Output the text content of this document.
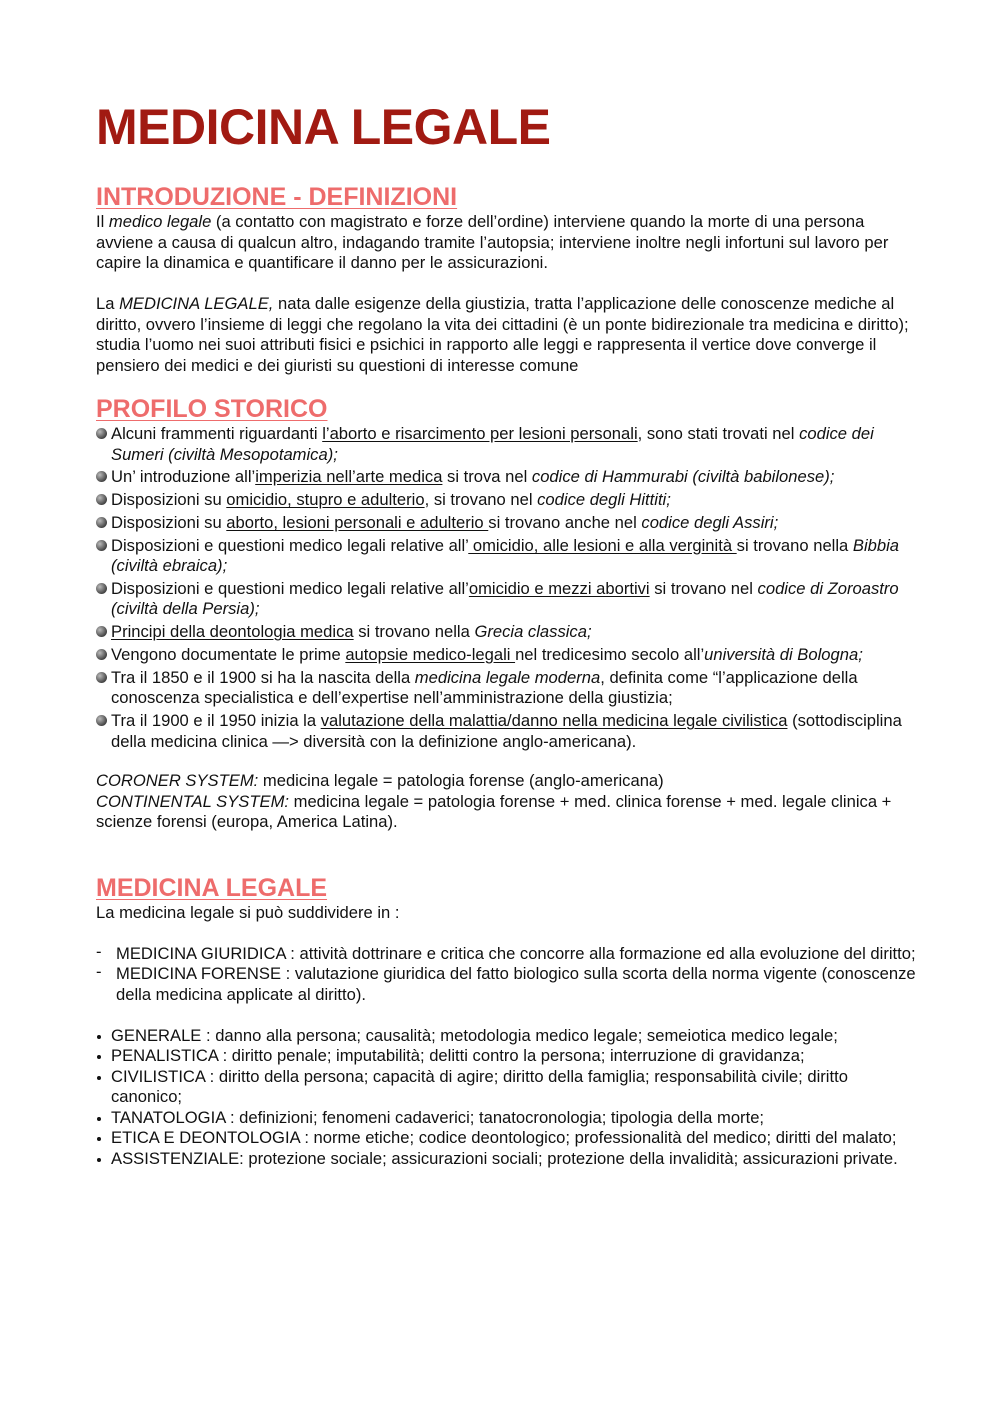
MEDICINA LEGALE
INTRODUZIONE - DEFINIZIONI

Il medico legale (a contatto con magistrato e forze dell’ordine) interviene quando la morte di una persona avviene a causa di qualcun altro, indagando tramite l’autopsia; interviene inoltre negli infortuni sul lavoro per capire la dinamica e quantificare il danno per le assicurazioni.

La MEDICINA LEGALE, nata dalle esigenze della giustizia, tratta l’applicazione delle conoscenze mediche al diritto, ovvero l’insieme di leggi che regolano la vita dei cittadini (è un ponte bidirezionale tra medicina e diritto); studia l’uomo nei suoi attributi fisici e psichici in rapporto alle leggi e rappresenta il vertice dove converge il pensiero dei medici e dei giuristi su questioni di interesse comune

PROFILO STORICO
Alcuni frammenti riguardanti l’aborto e risarcimento per lesioni personali, sono stati trovati nel codice dei Sumeri (civiltà Mesopotamica);
Un’ introduzione all’imperizia nell’arte medica si trova nel codice di Hammurabi (civiltà babilonese);
Disposizioni su omicidio, stupro e adulterio, si trovano nel codice degli Hittiti;
Disposizioni su aborto, lesioni personali e adulterio si trovano anche nel codice degli Assiri;
Disposizioni e questioni medico legali relative all’ omicidio, alle lesioni e alla verginità si trovano nella Bibbia (civiltà ebraica);
Disposizioni e questioni medico legali relative all’omicidio e mezzi abortivi si trovano nel codice di Zoroastro (civiltà della Persia);
Principi della deontologia medica si trovano nella Grecia classica;
Vengono documentate le prime autopsie medico-legali nel tredicesimo secolo all’università di Bologna;
Tra il 1850 e il 1900 si ha la nascita della medicina legale moderna, definita come “l’applicazione della conoscenza specialistica e dell’expertise nell’amministrazione della giustizia;
Tra il 1900 e il 1950 inizia la valutazione della malattia/danno nella medicina legale civilistica (sottodisciplina della medicina clinica —> diversità con la definizione anglo-americana).

CORONER SYSTEM: medicina legale = patologia forense (anglo-americana)

CONTINENTAL SYSTEM: medicina legale = patologia forense + med. clinica forense + med. legale clinica + scienze forensi (europa, America Latina).

MEDICINA LEGALE

La medicina legale si può suddividere in :

- MEDICINA GIURIDICA : attività dottrinare e critica che concorre alla formazione ed alla evoluzione del diritto;
- MEDICINA FORENSE : valutazione giuridica del fatto biologico sulla scorta della norma vigente (conoscenze della medicina applicate al diritto).
GENERALE : danno alla persona; causalità; metodologia medico legale; semeiotica medico legale;
PENALISTICA : diritto penale; imputabilità; delitti contro la persona; interruzione di gravidanza;
CIVILISTICA : diritto della persona; capacità di agire; diritto della famiglia; responsabilità civile; diritto canonico;
TANATOLOGIA : definizioni; fenomeni cadaverici; tanatocronologia; tipologia della morte;
ETICA E DEONTOLOGIA : norme etiche; codice deontologico; professionalità del medico; diritti del malato;
ASSISTENZIALE: protezione sociale; assicurazioni sociali; protezione della invalidità; assicurazioni private.
